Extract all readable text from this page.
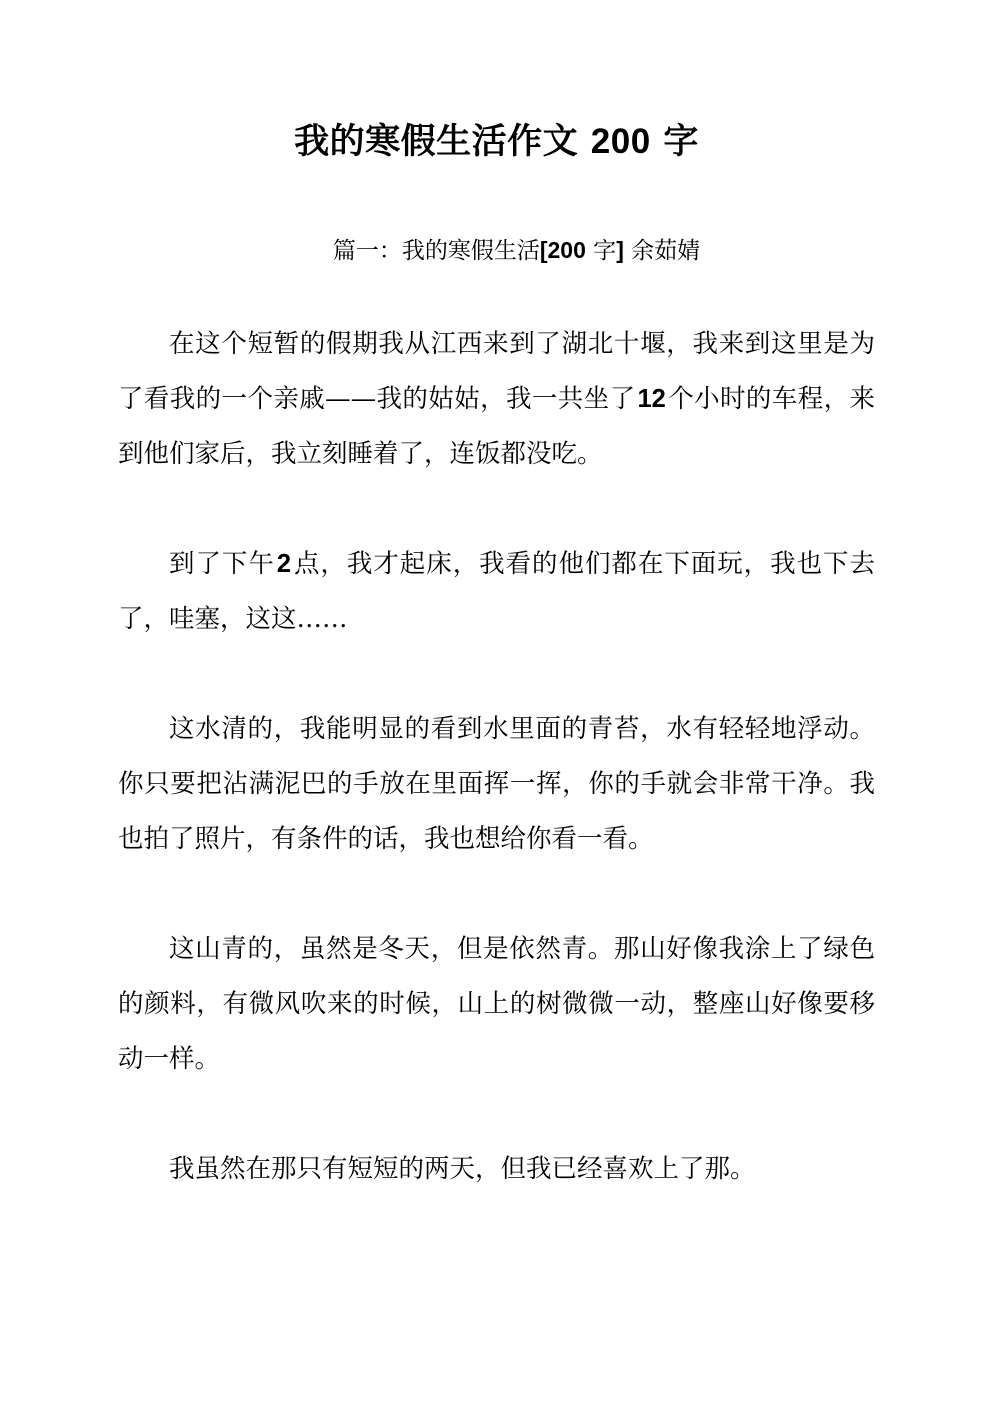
我的寒假生活作文 200 字

篇一：我的寒假生活[200 字] 余茹婧

在这个短暂的假期我从江西来到了湖北十堰，我来到这里是为了看我的一个亲戚——我的姑姑，我一共坐了12个小时的车程，来到他们家后，我立刻睡着了，连饭都没吃。

到了下午2点，我才起床，我看的他们都在下面玩，我也下去了，哇塞，这这……

这水清的，我能明显的看到水里面的青苔，水有轻轻地浮动。你只要把沾满泥巴的手放在里面挥一挥，你的手就会非常干净。我也拍了照片，有条件的话，我也想给你看一看。

这山青的，虽然是冬天，但是依然青。那山好像我涂上了绿色的颜料，有微风吹来的时候，山上的树微微一动，整座山好像要移动一样。

我虽然在那只有短短的两天，但我已经喜欢上了那。
